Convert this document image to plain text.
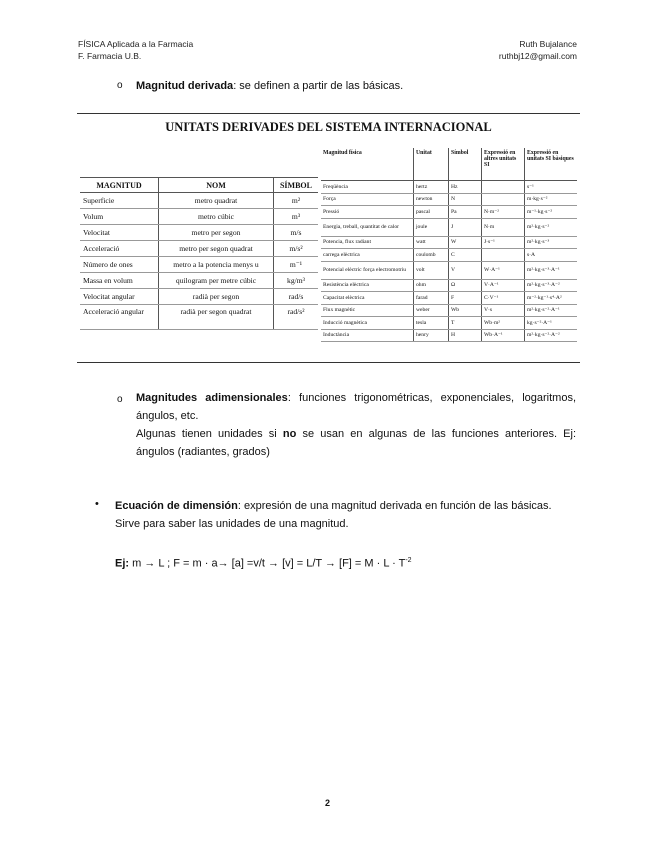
FÍSICA Aplicada a la Farmacia
F. Farmacia U.B.
Ruth Bujalance
ruthbj12@gmail.com
o Magnitud derivada: se definen a partir de las básicas.
UNITATS DERIVADES DEL SISTEMA INTERNACIONAL
MAGNITUD	NOM	SÍMBOL
Superficie	metro quadrat	m²
Volum	metro cúbic	m³
Velocitat	metro per segon	m/s
Acceleració	metro per segon quadrat	m/s²
Número de ones	metro a la potencia menys u	m⁻¹
Massa en volum	quilogram per metre cúbic	kg/m³
Velocitat angular	radià per segon	rad/s
Acceleració angular	radià per segon quadrat	rad/s²
Magnitud física	Unitat	Símbol	Expressió en altres unitats SI	Expressió en unitats SI bàsiques
Freqüència	hertz	Hz		s⁻¹
Força	newton	N		m·kg·s⁻²
Pressió	pascal	Pa	N·m⁻²	m⁻¹·kg·s⁻²
Energia, treball, quantitat de calor	joule	J	N·m	m²·kg·s⁻²
Potencia, flux radiant	watt	W	J·s⁻¹	m²·kg·s⁻³
carrega elèctrica	coulomb	C		s·A
Potencial elèctric força electromotriu	volt	V	W·A⁻¹	m²·kg·s⁻³·A⁻¹
Resistència elèctrica	ohm	Ω	V·A⁻¹	m²·kg·s⁻³·A⁻²
Capacitat elèctrica	farad	F	C·V⁻¹	m⁻²·kg⁻¹·s⁴·A²
Flux magnètic	weber	Wb	V·s	m²·kg·s⁻²·A⁻¹
Inducció magnètica	tesla	T	Wb·m²	kg·s⁻²·A⁻¹
Inductància	henry	H	Wb·A⁻¹	m²·kg·s⁻²·A⁻²
o Magnitudes adimensionales: funciones trigonométricas, exponenciales, logaritmos, ángulos, etc.
Algunas tienen unidades si no se usan en algunas de las funciones anteriores. Ej: ángulos (radiantes, grados)
• Ecuación de dimensión: expresión de una magnitud derivada en función de las básicas. Sirve para saber las unidades de una magnitud.
Ej: m → L ; $F = m \cdot a\to [a] =v/t \to [v] = L/T \to [F] = M \cdot L \cdot T^{-2}$
2
